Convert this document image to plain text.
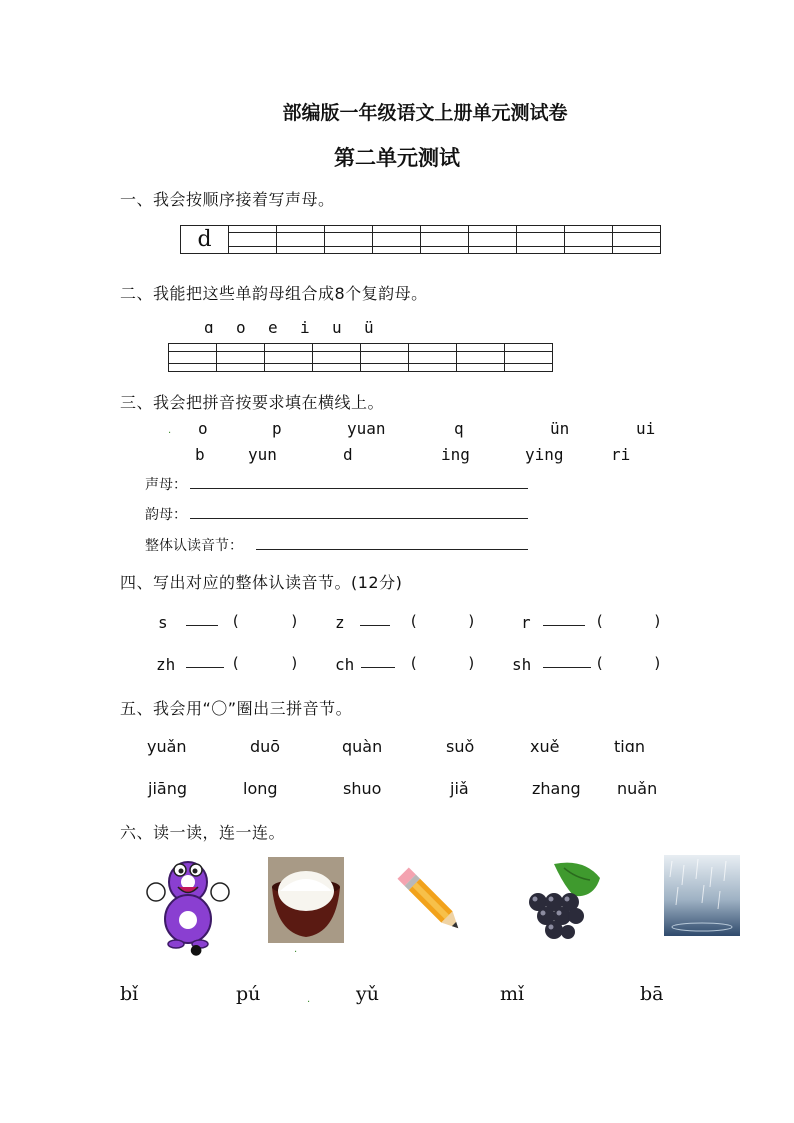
部编版一年级语文上册单元测试卷
第二单元测试
一、我会按顺序接着写声母。
d									

二、我能把这些单韵母组合成8个复韵母。
ɑ o e i u ü

三、我会把拼音按要求填在横线上。
. o	p	yuan	q	ün	ui
b	yun	d	ing	ying	ri
声母：
韵母：
整体认读音节：
四、写出对应的整体认读音节。(12分)
s	(	) z	(	)	r	(	)
zh	(	) ch	(	) sh	(	)
五、我会用“〇”圈出三拼音节。
yuǎn	duō	quàn	suǒ	xuě	tiɑn
jiāng	long	shuo	jiǎ	zhang nuǎn
六、读一读，连一连。
●	.
bǐ	pú	. yǔ	mǐ	bā
